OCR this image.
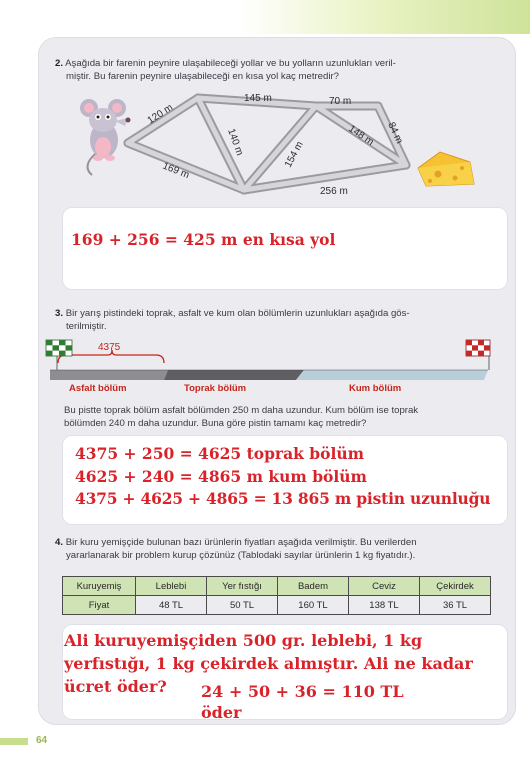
2. Aşağıda bir farenin peynire ulaşabileceği yollar ve bu yolların uzunlukları veril-
miştir. Bu farenin peynire ulaşabileceği en kısa yol kaç metredir?
120 m
145 m	70 m
84 m
140 m	154 m
148 m
169 m
256 m
169 + 256 = 425 m en kısa yol
3. Bir yarış pistindeki toprak, asfalt ve kum olan bölümlerin uzunlukları aşağıda gös-
terilmiştir.
4375
Asfalt bölüm	Toprak bölüm	Kum bölüm
Bu pistte toprak bölüm asfalt bölümden 250 m daha uzundur. Kum bölüm ise toprak
bölümden 240 m daha uzundur. Buna göre pistin tamamı kaç metredir?
4375 + 250 = 4625 toprak bölüm
4625 + 240 = 4865 m kum bölüm
4375 + 4625 + 4865 = 13 865 m pistin uzunluğu
4. Bir kuru yemişçide bulunan bazı ürünlerin fiyatları aşağıda verilmiştir. Bu verilerden
yararlanarak bir problem kurup çözünüz (Tablodaki sayılar ürünlerin 1 kg fiyatıdır.).
Kuruyemiş	Leblebi	Yer fıstığı	Badem	Ceviz	Çekirdek
Fiyat	48 TL	50 TL	160 TL	138 TL	36 TL
Ali kuruyemişçiden 500 gr. leblebi, 1 kg
yerfıstığı, 1 kg çekirdek almıştır. Ali ne kadar
ücret öder? 24 + 50 + 36 = 110 TL
öder
64
